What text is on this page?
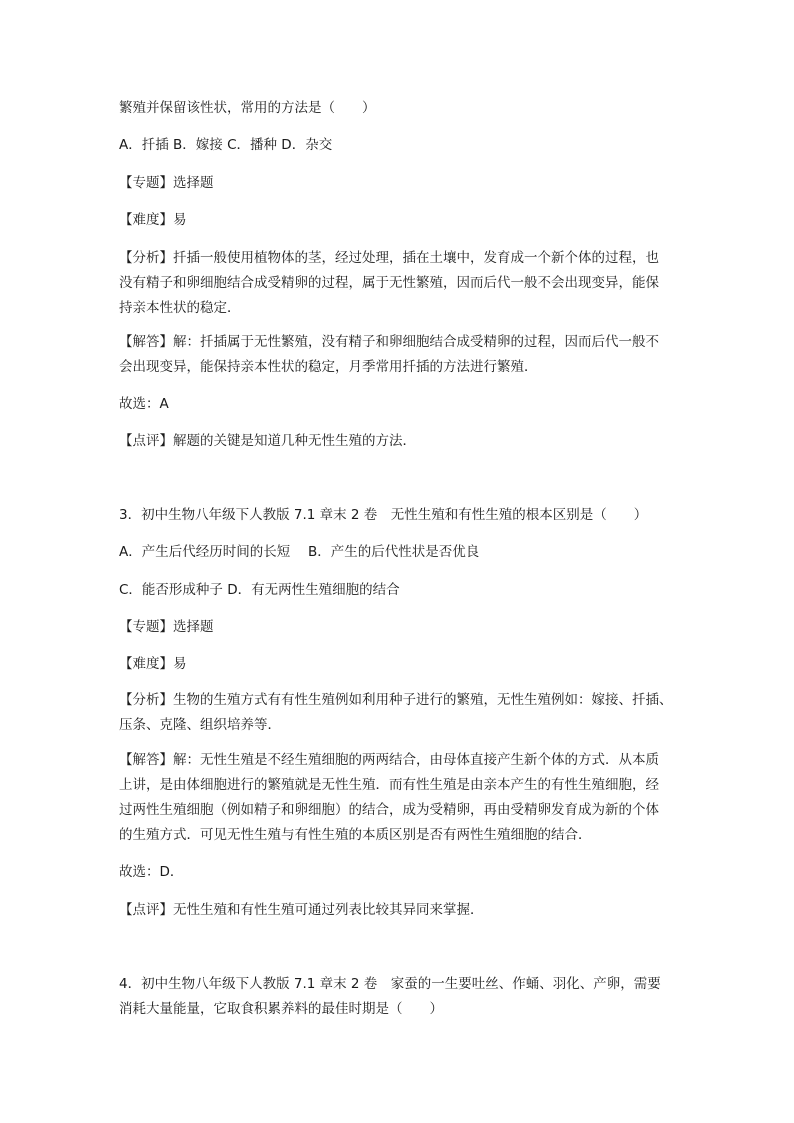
繁殖并保留该性状，常用的方法是（　　）
A．扦插 B．嫁接 C．播种 D．杂交
【专题】选择题
【难度】易
【分析】扦插一般使用植物体的茎，经过处理，插在土壤中，发育成一个新个体的过程，也
没有精子和卵细胞结合成受精卵的过程，属于无性繁殖，因而后代一般不会出现变异，能保
持亲本性状的稳定．
【解答】解：扦插属于无性繁殖，没有精子和卵细胞结合成受精卵的过程，因而后代一般不
会出现变异，能保持亲本性状的稳定，月季常用扦插的方法进行繁殖．
故选：A
【点评】解题的关键是知道几种无性生殖的方法．
3．初中生物八年级下人教版 7.1 章末 2 卷　无性生殖和有性生殖的根本区别是（　　）
A．产生后代经历时间的长短　 B．产生的后代性状是否优良
C．能否形成种子 D．有无两性生殖细胞的结合
【专题】选择题
【难度】易
【分析】生物的生殖方式有有性生殖例如利用种子进行的繁殖，无性生殖例如：嫁接、扦插、
压条、克隆、组织培养等．
【解答】解：无性生殖是不经生殖细胞的两两结合，由母体直接产生新个体的方式．从本质
上讲，是由体细胞进行的繁殖就是无性生殖．而有性生殖是由亲本产生的有性生殖细胞，经
过两性生殖细胞（例如精子和卵细胞）的结合，成为受精卵，再由受精卵发育成为新的个体
的生殖方式．可见无性生殖与有性生殖的本质区别是否有两性生殖细胞的结合．
故选：D．
【点评】无性生殖和有性生殖可通过列表比较其异同来掌握．
4．初中生物八年级下人教版 7.1 章末 2 卷　家蚕的一生要吐丝、作蛹、羽化、产卵，需要
消耗大量能量，它取食积累养料的最佳时期是（　　）
